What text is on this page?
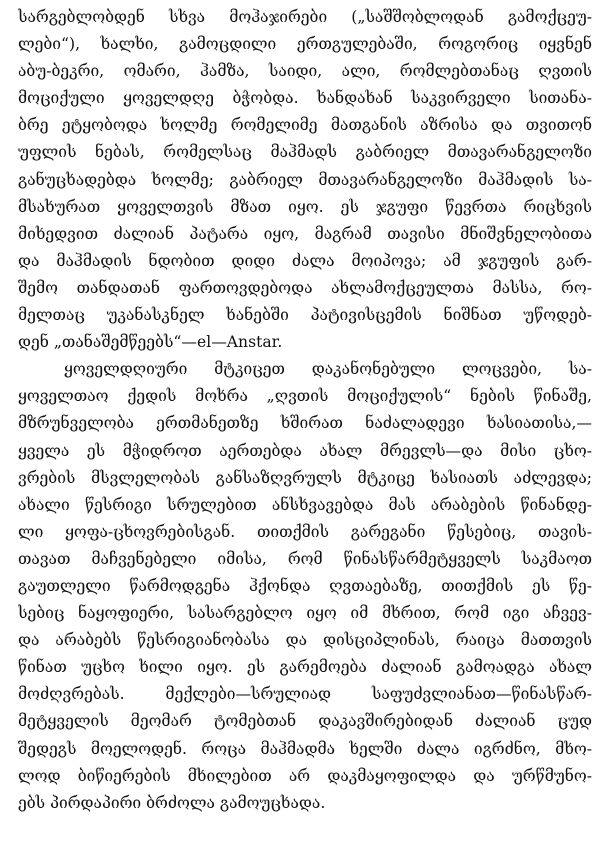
სარგებლობდენ სხვა მოჰაჯირები („საშშობლოდან გამოქცეუ-
ლები“), ხალხი, გამოცდილი ერთგულებაში, როგორიც იყვნენ
აბუ-ბეკრი, ომარი, ჰამზა, საიდი, ალი, რომლებთანაც ღვთის
მოციქული ყოველდღე ბჭობდა. ხანდახან საკვირველი სითანა-
ბრე ეტყობოდა ხოლმე რომელიმე მათგანის აზრისა და თვითონ
უფლის ნებას, რომელსაც მაჰმადს გაბრიელ მთავარანგელოზი
განუცხადებდა ხოლმე; გაბრიელ მთავარანგელოზი მაჰმადის სა-
მსახურათ ყოველთვის მზათ იყო. ეს ჯგუფი წევრთა რიცხვის
მიხედვით ძალიან პატარა იყო, მაგრამ თავისი მნიშვნელობითა
და მაჰმადის ნდობით დიდი ძალა მოიპოვა; ამ ჯგუფის გარ-
შემო თანდათან ფართოვდებოდა ახლამოქცეულთა მასსა, რო-
მელთაც უკანასკნელ ხანებში პატივისცემის ნიშნათ უწოდებ-
დენ „თანაშემწეებს“—el—Anstar.
ყოველდღიური მტკიცეთ დაკანონებული ლოცვები, სა-
ყოველთაო ქედის მოხრა „ღვთის მოციქულის“ ნების წინაშე,
მზრუნველობა ერთმანეთზე ხშირათ ნაძალადევი ხასიათისა,—
ყველა ეს მჭიდროთ აერთებდა ახალ მრევლს—და მისი ცხო-
ვრების მსვლელობას განსაზღვრულს მტკიცე ხასიათს აძლევდა;
ახალი წესრიგი სრულებით ანსხვავებდა მას არაბების წინანდე-
ლი ყოფა-ცხოვრებისგან. თითქმის გარეგანი წესებიც, თავის-
თავათ მაჩვენებელი იმისა, რომ წინასწარმეტყველს საკმაოთ
გაუთლელი წარმოდგენა ჰქონდა ღვთაებაზე, თითქმის ეს წე-
სებიც ნაყოფიერი, სასარგებლო იყო იმ მხრით, რომ იგი აჩვევ-
და არაბებს წესრიგიანობასა და დისციპლინას, რაიცა მათთვის
წინათ უცხო ხილი იყო. ეს გარემოება ძალიან გამოადგა ახალ
მოძღვრებას. მექლები—სრულიად საფუძვლიანათ—წინასწარ-
მეტყველის მეომარ ტომებთან დაკავშირებიდან ძალიან ცუდ
შედეგს მოელოდენ. როცა მაჰმადმა ხელში ძალა იგრძნო, მხო-
ლოდ ბიწიერების მხილებით არ დაკმაყოფილდა და ურწმუნო-
ებს პირდაპირი ბრძოლა გამოუცხადა.
